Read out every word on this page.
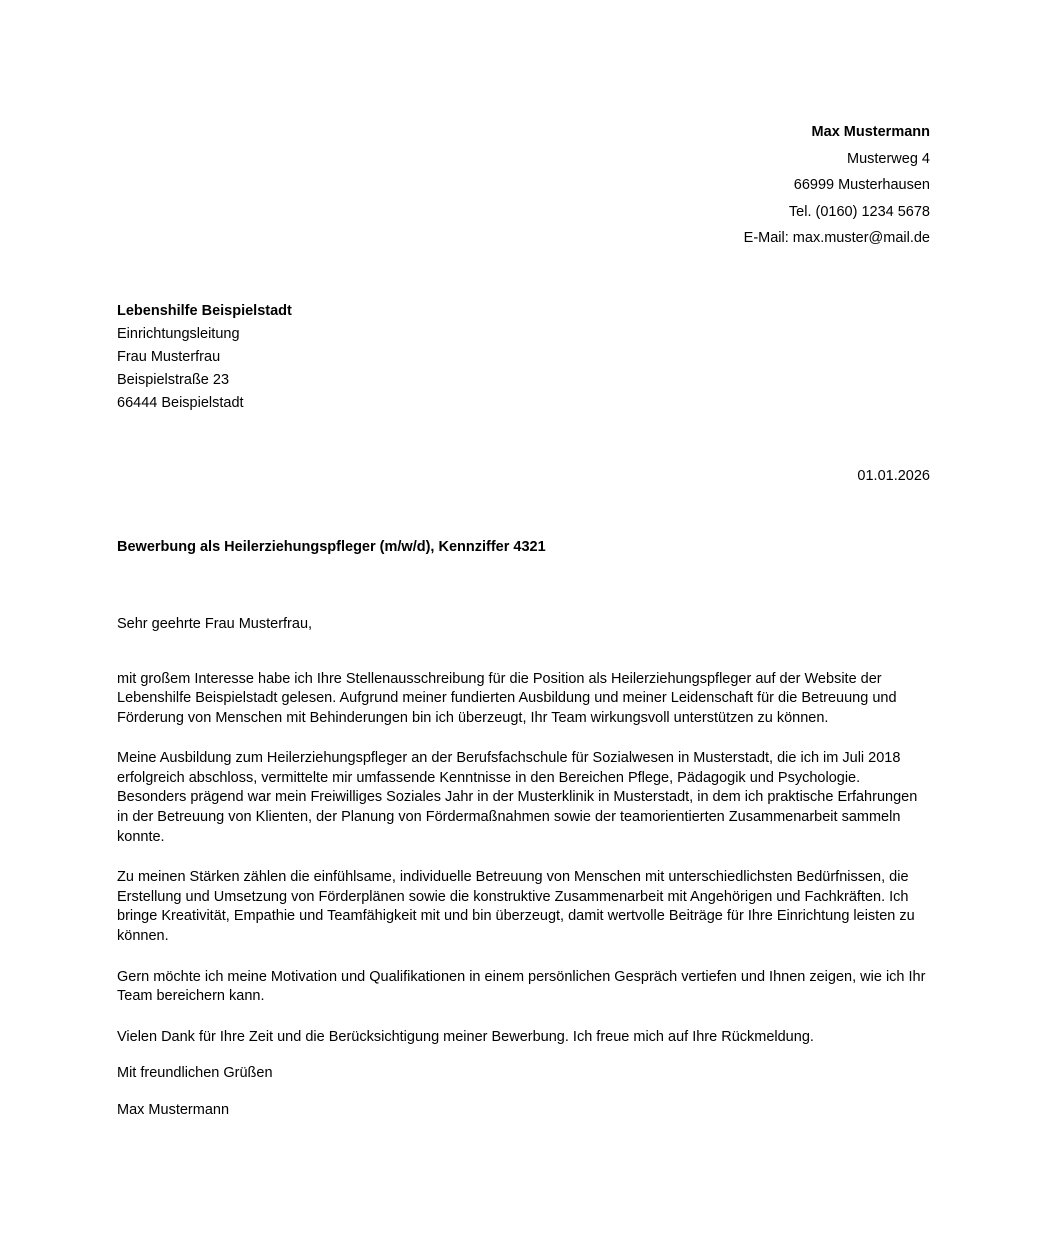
Max Mustermann
Musterweg 4
66999 Musterhausen
Tel. (0160) 1234 5678
E-Mail: max.muster@mail.de
Lebenshilfe Beispielstadt
Einrichtungsleitung
Frau Musterfrau
Beispielstraße 23
66444 Beispielstadt
01.01.2026
Bewerbung als Heilerziehungspfleger (m/w/d), Kennziffer 4321
Sehr geehrte Frau Musterfrau,

mit großem Interesse habe ich Ihre Stellenausschreibung für die Position als Heilerziehungspfleger auf der Website der Lebenshilfe Beispielstadt gelesen. Aufgrund meiner fundierten Ausbildung und meiner Leidenschaft für die Betreuung und Förderung von Menschen mit Behinderungen bin ich überzeugt, Ihr Team wirkungsvoll unterstützen zu können.

Meine Ausbildung zum Heilerziehungspfleger an der Berufsfachschule für Sozialwesen in Musterstadt, die ich im Juli 2018 erfolgreich abschloss, vermittelte mir umfassende Kenntnisse in den Bereichen Pflege, Pädagogik und Psychologie. Besonders prägend war mein Freiwilliges Soziales Jahr in der Musterklinik in Musterstadt, in dem ich praktische Erfahrungen in der Betreuung von Klienten, der Planung von Fördermaßnahmen sowie der teamorientierten Zusammenarbeit sammeln konnte.

Zu meinen Stärken zählen die einfühlsame, individuelle Betreuung von Menschen mit unterschiedlichsten Bedürfnissen, die Erstellung und Umsetzung von Förderplänen sowie die konstruktive Zusammenarbeit mit Angehörigen und Fachkräften. Ich bringe Kreativität, Empathie und Teamfähigkeit mit und bin überzeugt, damit wertvolle Beiträge für Ihre Einrichtung leisten zu können.

Gern möchte ich meine Motivation und Qualifikationen in einem persönlichen Gespräch vertiefen und Ihnen zeigen, wie ich Ihr Team bereichern kann.

Vielen Dank für Ihre Zeit und die Berücksichtigung meiner Bewerbung. Ich freue mich auf Ihre Rückmeldung.

Mit freundlichen Grüßen
Max Mustermann
